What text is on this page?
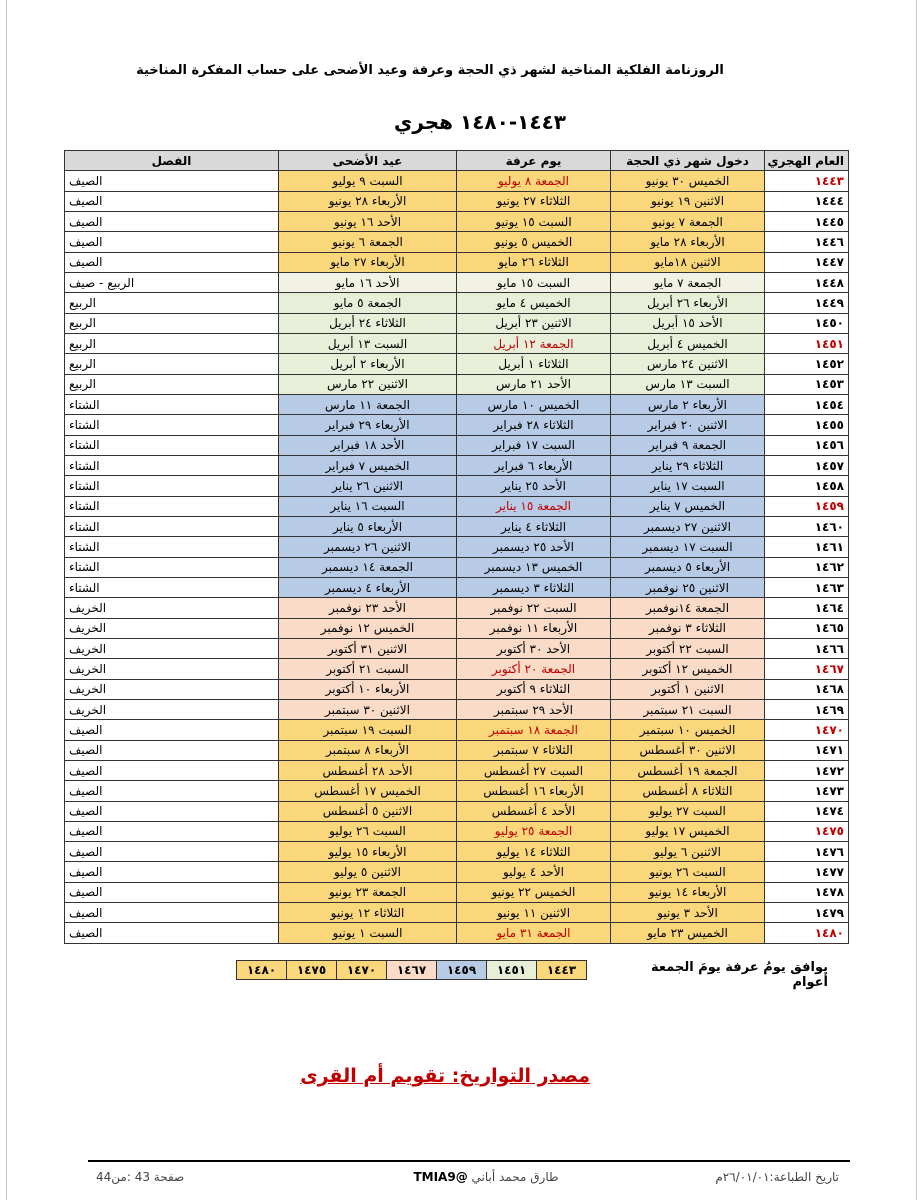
الروزنامة الفلكية المناخية لشهر ذي الحجة وعرفة وعيد الأضحى على حساب المفكرة المناخية
١٤٤٣-١٤٨٠ هجري
العام الهجري	دخول شهر ذي الحجة	يوم عرفة	عيد الأضحى	الفصل
١٤٤٣	الخميس ٣٠ يونيو	الجمعة ٨ يوليو	السبت ٩ يوليو	الصيف
١٤٤٤	الاثنين ١٩ يونيو	الثلاثاء ٢٧ يونيو	الأربعاء ٢٨ يونيو	الصيف
١٤٤٥	الجمعة ٧ يونيو	السبت ١٥ يونيو	الأحد ١٦ يونيو	الصيف
١٤٤٦	الأربعاء ٢٨ مايو	الخميس ٥ يونيو	الجمعة ٦ يونيو	الصيف
١٤٤٧	الاثنين ١٨مايو	الثلاثاء ٢٦ مايو	الأربعاء ٢٧ مايو	الصيف
١٤٤٨	الجمعة ٧ مايو	السبت ١٥ مايو	الأحد ١٦ مايو	الربيع - صيف
١٤٤٩	الأربعاء ٢٦ أبريل	الخميس ٤ مايو	الجمعة ٥ مايو	الربيع
١٤٥٠	الأحد ١٥ أبريل	الاثنين ٢٣ أبريل	الثلاثاء ٢٤ أبريل	الربيع
١٤٥١	الخميس ٤ أبريل	الجمعة ١٢ أبريل	السبت ١٣ أبريل	الربيع
١٤٥٢	الاثنين ٢٤ مارس	الثلاثاء ١ أبريل	الأربعاء ٢ أبريل	الربيع
١٤٥٣	السبت ١٣ مارس	الأحد ٢١ مارس	الاثنين ٢٢ مارس	الربيع
١٤٥٤	الأربعاء ٢ مارس	الخميس ١٠ مارس	الجمعة ١١ مارس	الشتاء
١٤٥٥	الاثنين ٢٠ فبراير	الثلاثاء ٢٨ فبراير	الأربعاء ٢٩ فبراير	الشتاء
١٤٥٦	الجمعة ٩ فبراير	السبت ١٧ فبراير	الأحد ١٨ فبراير	الشتاء
١٤٥٧	الثلاثاء ٢٩ يناير	الأربعاء ٦ فبراير	الخميس ٧ فبراير	الشتاء
١٤٥٨	السبت ١٧ يناير	الأحد ٢٥ يناير	الاثنين ٢٦ يناير	الشتاء
١٤٥٩	الخميس ٧ يناير	الجمعة ١٥ يناير	السبت ١٦ يناير	الشتاء
١٤٦٠	الاثنين ٢٧ ديسمبر	الثلاثاء ٤ يناير	الأربعاء ٥ يناير	الشتاء
١٤٦١	السبت ١٧ ديسمبر	الأحد ٢٥ ديسمبر	الاثنين ٢٦ ديسمبر	الشتاء
١٤٦٢	الأربعاء ٥ ديسمبر	الخميس ١٣ ديسمبر	الجمعة ١٤ ديسمبر	الشتاء
١٤٦٣	الاثنين ٢٥ نوفمبر	الثلاثاء ٣ ديسمبر	الأربعاء ٤ ديسمبر	الشتاء
١٤٦٤	الجمعة ١٤نوفمبر	السبت ٢٢ نوفمبر	الأحد ٢٣ نوفمبر	الخريف
١٤٦٥	الثلاثاء ٣ نوفمبر	الأربعاء ١١ نوفمبر	الخميس ١٢ نوفمبر	الخريف
١٤٦٦	السبت ٢٢ أكتوبر	الأحد ٣٠ أكتوبر	الاثنين ٣١ أكتوبر	الخريف
١٤٦٧	الخميس ١٢ أكتوبر	الجمعة ٢٠ أكتوبر	السبت ٢١ أكتوبر	الخريف
١٤٦٨	الاثنين ١ أكتوبر	الثلاثاء ٩ أكتوبر	الأربعاء ١٠ أكتوبر	الخريف
١٤٦٩	السبت ٢١ سبتمبر	الأحد ٢٩ سبتمبر	الاثنين ٣٠ سبتمبر	الخريف
١٤٧٠	الخميس ١٠ سبتمبر	الجمعة ١٨ سبتمبر	السبت ١٩ سبتمبر	الصيف
١٤٧١	الاثنين ٣٠ أغسطس	الثلاثاء ٧ سبتمبر	الأربعاء ٨ سبتمبر	الصيف
١٤٧٢	الجمعة ١٩ أغسطس	السبت ٢٧ أغسطس	الأحد ٢٨ أغسطس	الصيف
١٤٧٣	الثلاثاء ٨ أغسطس	الأربعاء ١٦ أغسطس	الخميس ١٧ أغسطس	الصيف
١٤٧٤	السبت ٢٧ يوليو	الأحد ٤ أغسطس	الاثنين ٥ أغسطس	الصيف
١٤٧٥	الخميس ١٧ يوليو	الجمعة ٢٥ يوليو	السبت ٢٦ يوليو	الصيف
١٤٧٦	الاثنين ٦ يوليو	الثلاثاء ١٤ يوليو	الأربعاء ١٥ يوليو	الصيف
١٤٧٧	السبت ٢٦ يونيو	الأحد ٤ يوليو	الاثنين ٥ يوليو	الصيف
١٤٧٨	الأربعاء ١٤ يونيو	الخميس ٢٢ يونيو	الجمعة ٢٣ يونيو	الصيف
١٤٧٩	الأحد ٣ يونيو	الاثنين ١١ يونيو	الثلاثاء ١٢ يونيو	الصيف
١٤٨٠	الخميس ٢٣ مايو	الجمعة ٣١ مايو	السبت ١ يونيو	الصيف
يوافق يومُ عرفة يومَ الجمعة أعوام
١٤٤٣	١٤٥١	١٤٥٩	١٤٦٧	١٤٧٠	١٤٧٥	١٤٨٠
مصدر التواريخ: تقويم أم القرى
تاريخ الطباعة:٢٦/٠١/٠١م
طارق محمد أباني @TMIA9
صفحة 43 :من44
